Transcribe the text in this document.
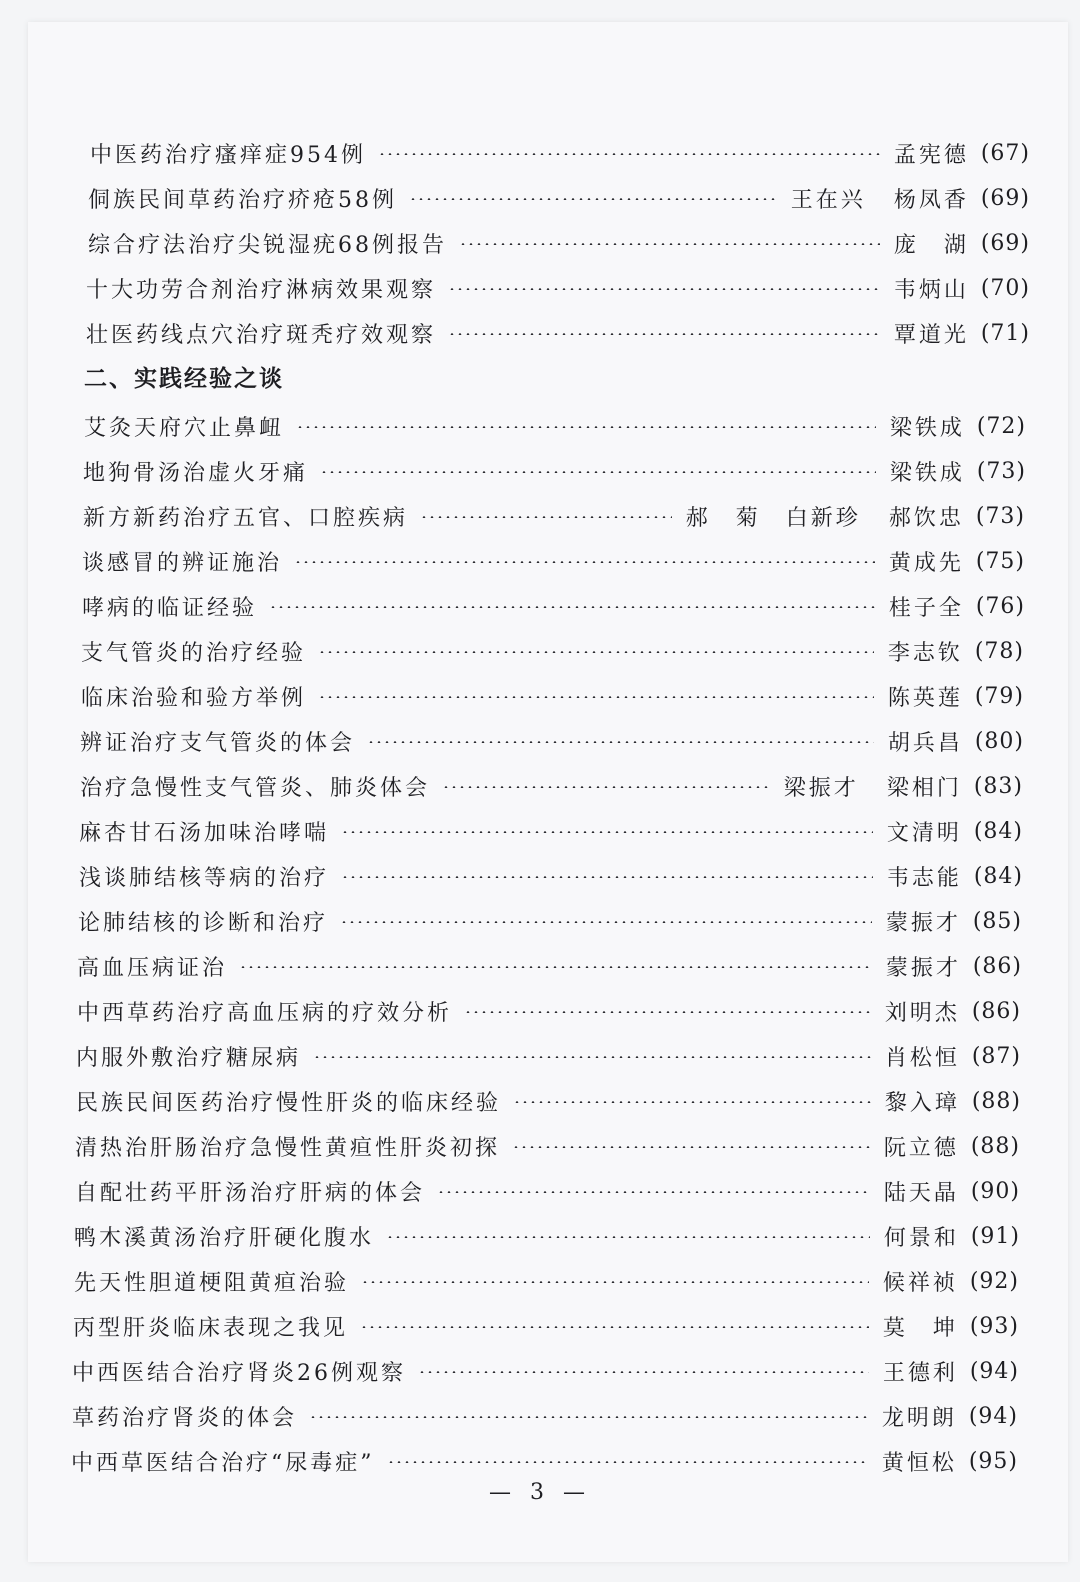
二、实践经验之谈
— 3 —
中医药治疗瘙痒症954例	孟宪德 (67)
侗族民间草药治疗疥疮58例	王在兴 杨凤香 (69)
综合疗法治疗尖锐湿疣68例报告	庞　湖 (69)
十大功劳合剂治疗淋病效果观察	韦炳山 (70)
壮医药线点穴治疗斑秃疗效观察	覃道光 (71)
艾灸天府穴止鼻衄	梁铁成 (72)
地狗骨汤治虚火牙痛	梁铁成 (73)
新方新药治疗五官、口腔疾病	郝　菊　白新珍 郝饮忠 (73)
谈感冒的辨证施治	黄成先 (75)
哮病的临证经验	桂子全 (76)
支气管炎的治疗经验	李志钦 (78)
临床治验和验方举例	陈英莲 (79)
辨证治疗支气管炎的体会	胡兵昌 (80)
治疗急慢性支气管炎、肺炎体会	梁振才 梁相门 (83)
麻杏甘石汤加味治哮喘	文清明 (84)
浅谈肺结核等病的治疗	韦志能 (84)
论肺结核的诊断和治疗	蒙振才 (85)
高血压病证治	蒙振才 (86)
中西草药治疗高血压病的疗效分析	刘明杰 (86)
内服外敷治疗糖尿病	肖松恒 (87)
民族民间医药治疗慢性肝炎的临床经验	黎入璋 (88)
清热治肝肠治疗急慢性黄疸性肝炎初探	阮立德 (88)
自配壮药平肝汤治疗肝病的体会	陆天晶 (90)
鸭木溪黄汤治疗肝硬化腹水	何景和 (91)
先天性胆道梗阻黄疸治验	候祥祯 (92)
丙型肝炎临床表现之我见	莫　坤 (93)
中西医结合治疗肾炎26例观察	王德利 (94)
草药治疗肾炎的体会	龙明朗 (94)
中西草医结合治疗“尿毒症”	黄恒松 (95)
